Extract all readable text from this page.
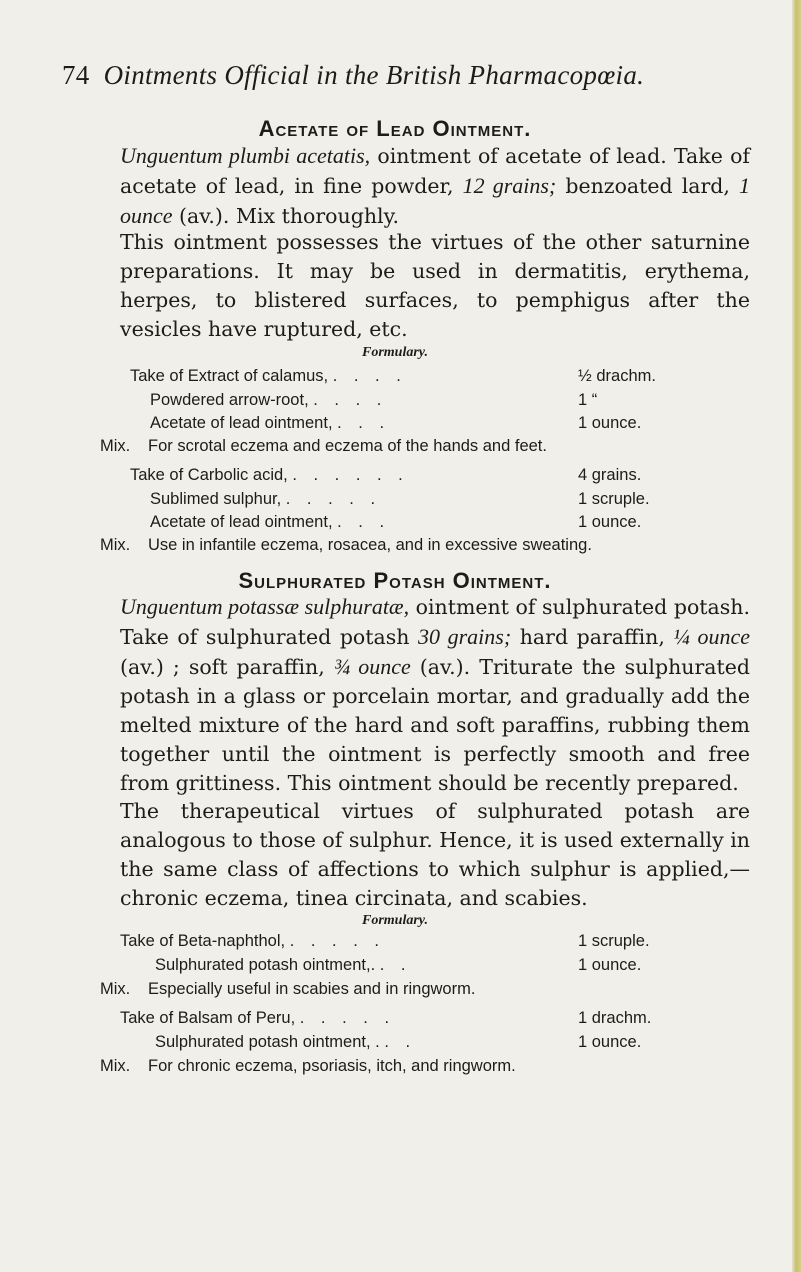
74 Ointments Official in the British Pharmacopœia.

Acetate of Lead Ointment.

Unguentum plumbi acetatis, ointment of acetate of lead. Take of acetate of lead, in fine powder, 12 grains; benzoated lard, 1 ounce (av.). Mix thoroughly.

This ointment possesses the virtues of the other saturnine preparations. It may be used in dermatitis, erythema, herpes, to blistered surfaces, to pemphigus after the vesicles have ruptured, etc.

Formulary.

Take of Extract of calamus, . . . .	½ drachm.

Powdered arrow-root, . . . .	1 “

Acetate of lead ointment, . . .	1 ounce.

Mix. For scrotal eczema and eczema of the hands and feet.

Take of Carbolic acid, . . . . . .	4 grains.

Sublimed sulphur, . . . . .	1 scruple.

Acetate of lead ointment, . . .	1 ounce.

Mix. Use in infantile eczema, rosacea, and in excessive sweating.

Sulphurated Potash Ointment.

Unguentum potassæ sulphuratæ, ointment of sulphurated potash. Take of sulphurated potash 30 grains; hard paraffin, ¼ ounce (av.) ; soft paraffin, ¾ ounce (av.). Triturate the sulphurated potash in a glass or porcelain mortar, and gradually add the melted mixture of the hard and soft paraffins, rubbing them together until the ointment is perfectly smooth and free from grittiness. This ointment should be recently prepared.

The therapeutical virtues of sulphurated potash are analogous to those of sulphur. Hence, it is used externally in the same class of affections to which sulphur is applied,—chronic eczema, tinea circinata, and scabies.

Formulary.

Take of Beta-naphthol, . . . . .	1 scruple.

Sulphurated potash ointment,. . .	1 ounce.

Mix. Especially useful in scabies and in ringworm.

Take of Balsam of Peru, . . . . .	1 drachm.

Sulphurated potash ointment, . . .	1 ounce.

Mix. For chronic eczema, psoriasis, itch, and ringworm.
